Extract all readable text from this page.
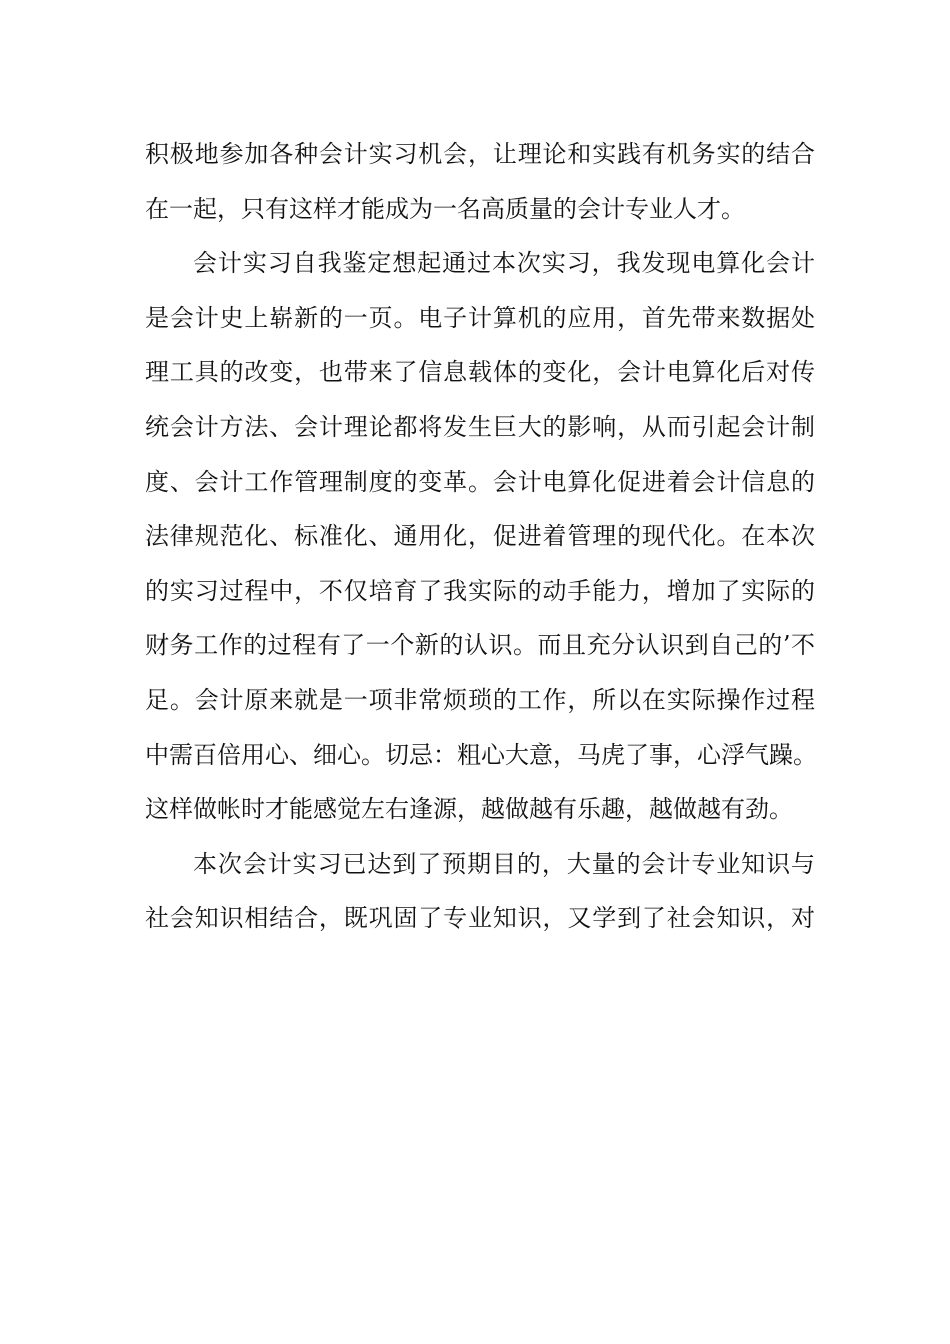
积极地参加各种会计实习机会，让理论和实践有机务实的结合
在一起，只有这样才能成为一名高质量的会计专业人才。
会计实习自我鉴定想起通过本次实习，我发现电算化会计
是会计史上崭新的一页。电子计算机的应用，首先带来数据处
理工具的改变，也带来了信息载体的变化，会计电算化后对传
统会计方法、会计理论都将发生巨大的影响，从而引起会计制
度、会计工作管理制度的变革。会计电算化促进着会计信息的
法律规范化、标准化、通用化，促进着管理的现代化。在本次
的实习过程中，不仅培育了我实际的动手能力，增加了实际的
财务工作的过程有了一个新的认识。而且充分认识到自己的’不
足。会计原来就是一项非常烦琐的工作，所以在实际操作过程
中需百倍用心、细心。切忌：粗心大意，马虎了事，心浮气躁。
这样做帐时才能感觉左右逢源，越做越有乐趣，越做越有劲。
本次会计实习已达到了预期目的，大量的会计专业知识与
社会知识相结合，既巩固了专业知识，又学到了社会知识，对
